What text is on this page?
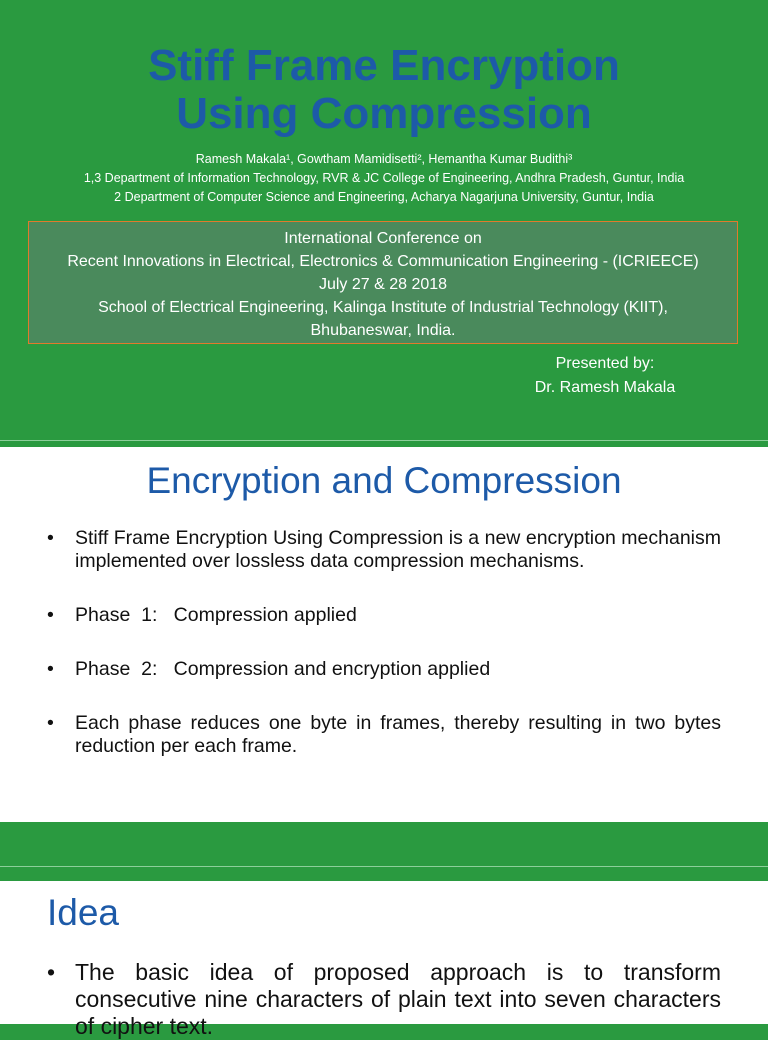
Stiff Frame Encryption
Using Compression
Ramesh Makala¹, Gowtham Mamidisetti², Hemantha Kumar Budithi³
1,3 Department of Information Technology, RVR & JC College of Engineering, Andhra Pradesh, Guntur, India
2 Department of Computer Science and Engineering, Acharya Nagarjuna University, Guntur, India
International Conference on
Recent Innovations in Electrical, Electronics & Communication Engineering - (ICRIEECE)
July 27 & 28 2018
School of Electrical Engineering, Kalinga Institute of Industrial Technology (KIIT),
Bhubaneswar, India.
Presented by:
Dr. Ramesh Makala
Encryption and Compression
• Stiff Frame Encryption Using Compression is a new encryption mechanism implemented over lossless data compression mechanisms.
• Phase  1:   Compression applied
• Phase  2:   Compression and encryption applied
• Each phase reduces one byte in frames, thereby resulting in two bytes reduction per each frame.
Idea
• The basic idea of proposed approach is to transform consecutive nine characters of plain text into seven characters of cipher text.
